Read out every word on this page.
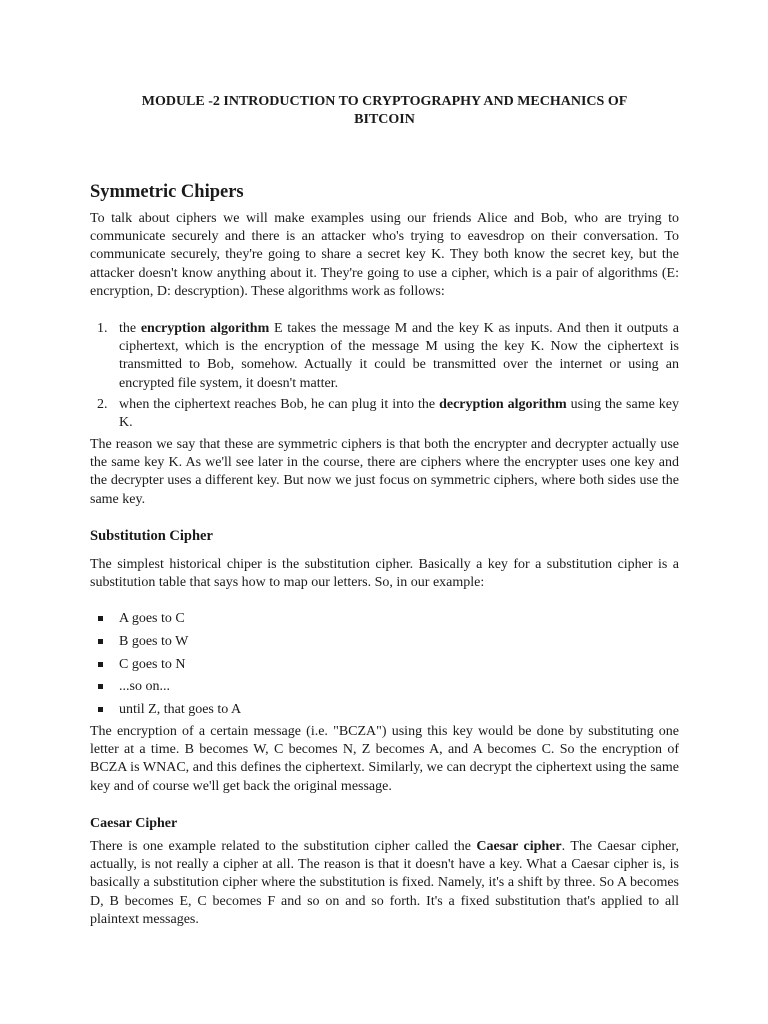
MODULE -2 INTRODUCTION TO CRYPTOGRAPHY AND MECHANICS OF
BITCOIN
Symmetric Chipers

To talk about ciphers we will make examples using our friends Alice and Bob, who are trying to communicate securely and there is an attacker who's trying to eavesdrop on their conversation. To communicate securely, they're going to share a secret key K. They both know the secret key, but the attacker doesn't know anything about it. They're going to use a cipher, which is a pair of algorithms (E: encryption, D: descryption). These algorithms work as follows:

1. the encryption algorithm E takes the message M and the key K as inputs. And then it outputs a ciphertext, which is the encryption of the message M using the key K. Now the ciphertext is transmitted to Bob, somehow. Actually it could be transmitted over the internet or using an encrypted file system, it doesn't matter.
2. when the ciphertext reaches Bob, he can plug it into the decryption algorithm using the same key K.

The reason we say that these are symmetric ciphers is that both the encrypter and decrypter actually use the same key K. As we'll see later in the course, there are ciphers where the encrypter uses one key and the decrypter uses a different key. But now we just focus on symmetric ciphers, where both sides use the same key.

Substitution Cipher

The simplest historical chiper is the substitution cipher. Basically a key for a substitution cipher is a substitution table that says how to map our letters. So, in our example:

A goes to C
B goes to W
C goes to N
...so on...
until Z, that goes to A

The encryption of a certain message (i.e. "BCZA") using this key would be done by substituting one letter at a time. B becomes W, C becomes N, Z becomes A, and A becomes C. So the encryption of BCZA is WNAC, and this defines the ciphertext. Similarly, we can decrypt the ciphertext using the same key and of course we'll get back the original message.

Caesar Cipher

There is one example related to the substitution cipher called the Caesar cipher. The Caesar cipher, actually, is not really a cipher at all. The reason is that it doesn't have a key. What a Caesar cipher is, is basically a substitution cipher where the substitution is fixed. Namely, it's a shift by three. So A becomes D, B becomes E, C becomes F and so on and so forth. It's a fixed substitution that's applied to all plaintext messages.
